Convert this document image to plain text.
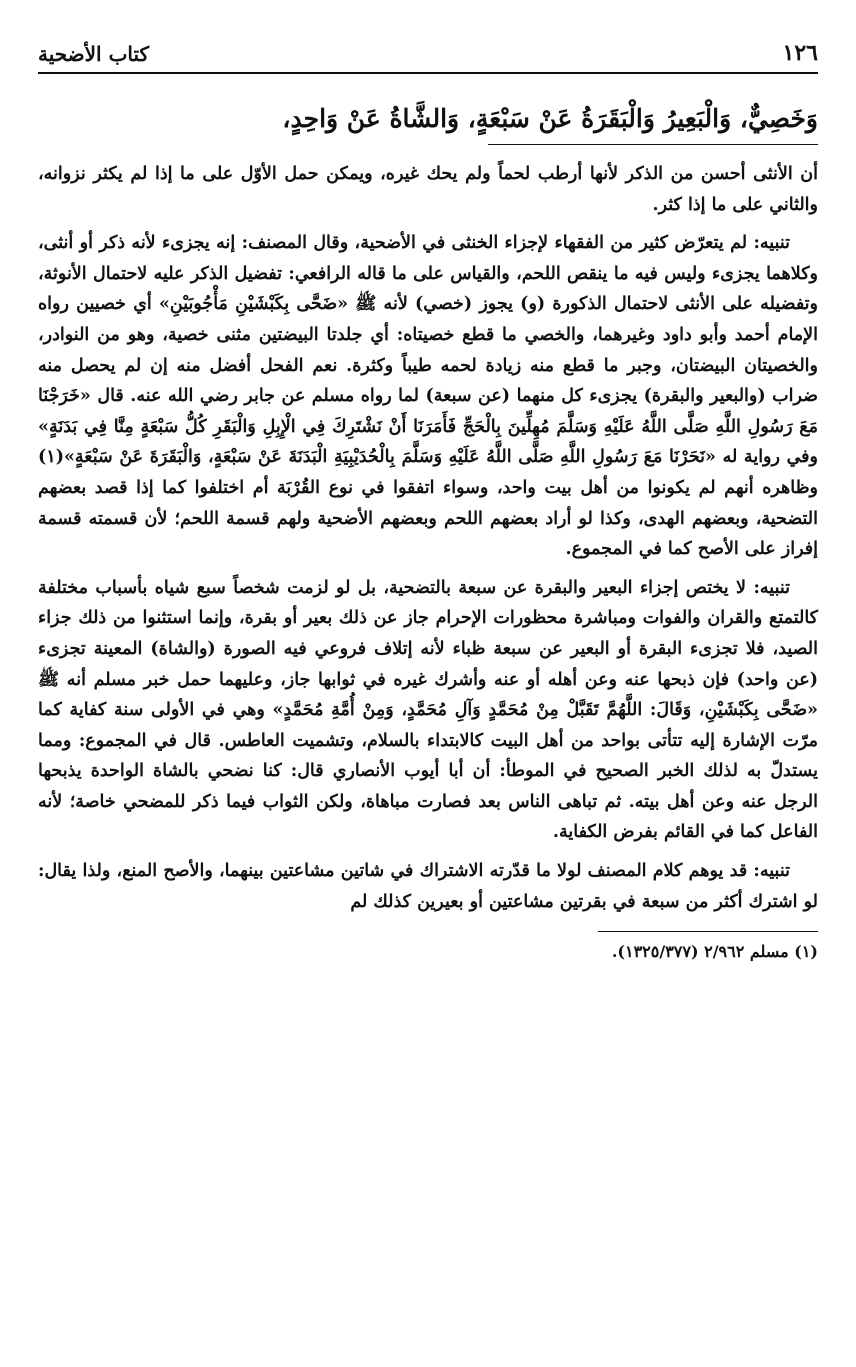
١٢٦
كتاب الأضحية
وَخَصِيٌّ، وَالْبَعِيرُ وَالْبَقَرَةُ عَنْ سَبْعَةٍ، وَالشَّاةُ عَنْ وَاحِدٍ،

أن الأنثى أحسن من الذكر لأنها أرطب لحماً ولم يحك غيره، ويمكن حمل الأوّل على ما إذا لم يكثر نزوانه، والثاني على ما إذا كثر.

تنبيه: لم يتعرّض كثير من الفقهاء لإجزاء الخنثى في الأضحية، وقال المصنف: إنه يجزىء لأنه ذكر أو أنثى، وكلاهما يجزىء وليس فيه ما ينقص اللحم، والقياس على ما قاله الرافعي: تفضيل الذكر عليه لاحتمال الأنوثة، وتفضيله على الأنثى لاحتمال الذكورة (و) يجوز (خصي) لأنه ﷺ «ضَحَّى بِكَبْشَيْنِ مَأْجُوبَيْنِ» أي خصيين رواه الإمام أحمد وأبو داود وغيرهما، والخصي ما قطع خصيتاه: أي جلدتا البيضتين مثنى خصية، وهو من النوادر، والخصيتان البيضتان، وجبر ما قطع منه زيادة لحمه طيباً وكثرة. نعم الفحل أفضل منه إن لم يحصل منه ضراب (والبعير والبقرة) يجزىء كل منهما (عن سبعة) لما رواه مسلم عن جابر رضي الله عنه. قال «خَرَجْنَا مَعَ رَسُولِ اللَّهِ صَلَّى اللَّهُ عَلَيْهِ وَسَلَّمَ مُهِلِّينَ بِالْحَجِّ فَأَمَرَنَا أَنْ نَشْتَرِكَ فِي الْإِبِلِ وَالْبَقَرِ كُلُّ سَبْعَةٍ مِنَّا فِي بَدَنَةٍ» وفي رواية له «نَحَرْنَا مَعَ رَسُولِ اللَّهِ صَلَّى اللَّهُ عَلَيْهِ وَسَلَّمَ بِالْحُدَيْبِيَةِ الْبَدَنَةَ عَنْ سَبْعَةٍ، وَالْبَقَرَةَ عَنْ سَبْعَةٍ»(١) وظاهره أنهم لم يكونوا من أهل بيت واحد، وسواء اتفقوا في نوع القُرْبَة أم اختلفوا كما إذا قصد بعضهم التضحية، وبعضهم الهدى، وكذا لو أراد بعضهم اللحم وبعضهم الأضحية ولهم قسمة اللحم؛ لأن قسمته قسمة إفراز على الأصح كما في المجموع.

تنبيه: لا يختص إجزاء البعير والبقرة عن سبعة بالتضحية، بل لو لزمت شخصاً سبع شياه بأسباب مختلفة كالتمتع والقران والفوات ومباشرة محظورات الإحرام جاز عن ذلك بعير أو بقرة، وإنما استثنوا من ذلك جزاء الصيد، فلا تجزىء البقرة أو البعير عن سبعة ظباء لأنه إتلاف فروعي فيه الصورة (والشاة) المعينة تجزىء (عن واحد) فإن ذبحها عنه وعن أهله أو عنه وأشرك غيره في ثوابها جاز، وعليهما حمل خبر مسلم أنه ﷺ «ضَحَّى بِكَبْشَيْنِ، وَقَالَ: اللَّهُمَّ تَقَبَّلْ مِنْ مُحَمَّدٍ وَآلِ مُحَمَّدٍ، وَمِنْ أُمَّةِ مُحَمَّدٍ» وهي في الأولى سنة كفاية كما مرّت الإشارة إليه تتأتى بواحد من أهل البيت كالابتداء بالسلام، وتشميت العاطس. قال في المجموع: ومما يستدلّ به لذلك الخبر الصحيح في الموطأ: أن أبا أيوب الأنصاري قال: كنا نضحي بالشاة الواحدة يذبحها الرجل عنه وعن أهل بيته. ثم تباهى الناس بعد فصارت مباهاة، ولكن الثواب فيما ذكر للمضحي خاصة؛ لأنه الفاعل كما في القائم بفرض الكفاية.

تنبيه: قد يوهم كلام المصنف لولا ما قدّرته الاشتراك في شاتين مشاعتين بينهما، والأصح المنع، ولذا يقال: لو اشترك أكثر من سبعة في بقرتين مشاعتين أو بعيرين كذلك لم

(١) مسلم ٢/٩٦٢ (١٣٢٥/٣٧٧).
